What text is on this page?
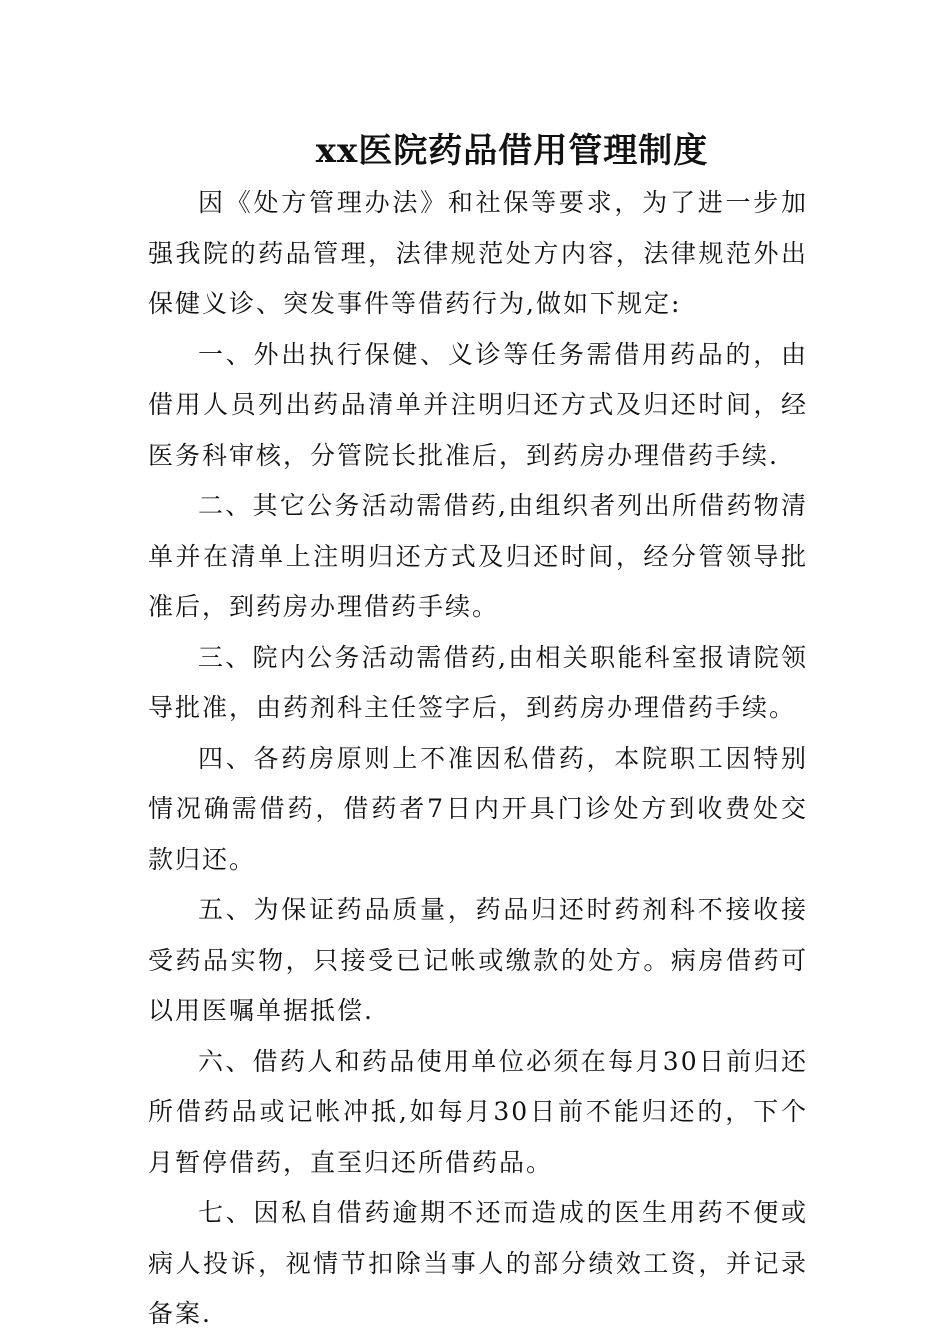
xx医院药品借用管理制度

因《处方管理办法》和社保等要求，为了进一步加强我院的药品管理，法律规范处方内容，法律规范外出保健义诊、突发事件等借药行为,做如下规定:

一、外出执行保健、义诊等任务需借用药品的，由借用人员列出药品清单并注明归还方式及归还时间，经医务科审核，分管院长批准后，到药房办理借药手续.

二、其它公务活动需借药,由组织者列出所借药物清单并在清单上注明归还方式及归还时间，经分管领导批准后，到药房办理借药手续。

三、院内公务活动需借药,由相关职能科室报请院领导批准，由药剂科主任签字后，到药房办理借药手续。

四、各药房原则上不准因私借药，本院职工因特别情况确需借药，借药者7日内开具门诊处方到收费处交款归还。

五、为保证药品质量，药品归还时药剂科不接收接受药品实物，只接受已记帐或缴款的处方。病房借药可以用医嘱单据抵偿.

六、借药人和药品使用单位必须在每月30日前归还所借药品或记帐冲抵,如每月30日前不能归还的，下个月暂停借药，直至归还所借药品。

七、因私自借药逾期不还而造成的医生用药不便或病人投诉，视情节扣除当事人的部分绩效工资，并记录备案.
